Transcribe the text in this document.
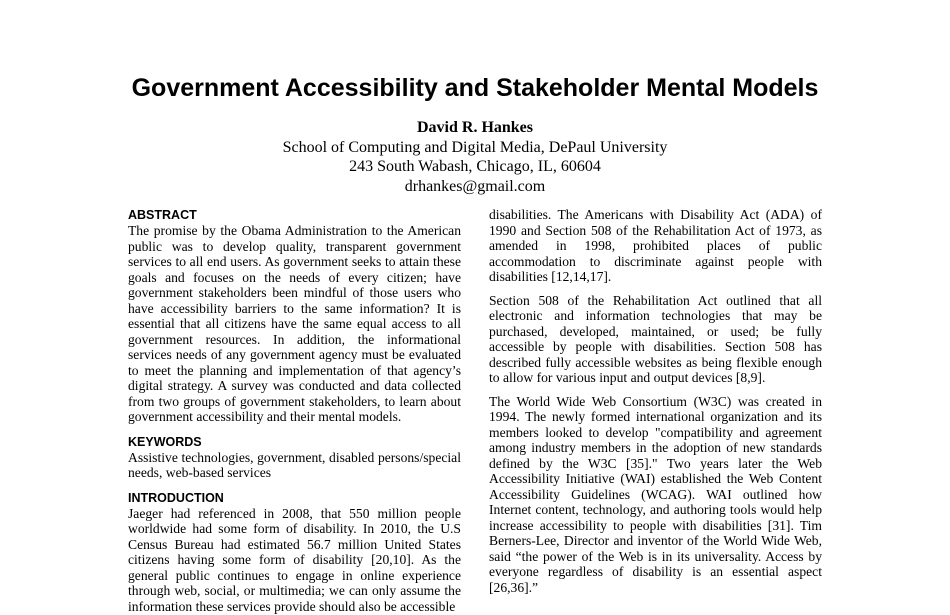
Government Accessibility and Stakeholder Mental Models
David R. Hankes
School of Computing and Digital Media, DePaul University
243 South Wabash, Chicago, IL, 60604
drhankes@gmail.com
ABSTRACT

The promise by the Obama Administration to the American public was to develop quality, transparent government services to all end users. As government seeks to attain these goals and focuses on the needs of every citizen; have government stakeholders been mindful of those users who have accessibility barriers to the same information? It is essential that all citizens have the same equal access to all government resources. In addition, the informational services needs of any government agency must be evaluated to meet the planning and implementation of that agency’s digital strategy. A survey was conducted and data collected from two groups of government stakeholders, to learn about government accessibility and their mental models.

KEYWORDS

Assistive technologies, government, disabled persons/special needs, web-based services

INTRODUCTION

Jaeger had referenced in 2008, that 550 million people worldwide had some form of disability. In 2010, the U.S Census Bureau had estimated 56.7 million United States citizens having some form of disability [20,10]. As the general public continues to engage in online experience through web, social, or multimedia; we can only assume the information these services provide should also be accessible

disabilities. The Americans with Disability Act (ADA) of 1990 and Section 508 of the Rehabilitation Act of 1973, as amended in 1998, prohibited places of public accommodation to discriminate against people with disabilities [12,14,17].

Section 508 of the Rehabilitation Act outlined that all electronic and information technologies that may be purchased, developed, maintained, or used; be fully accessible by people with disabilities. Section 508 has described fully accessible websites as being flexible enough to allow for various input and output devices [8,9].

The World Wide Web Consortium (W3C) was created in 1994. The newly formed international organization and its members looked to develop "compatibility and agreement among industry members in the adoption of new standards defined by the W3C [35]." Two years later the Web Accessibility Initiative (WAI) established the Web Content Accessibility Guidelines (WCAG). WAI outlined how Internet content, technology, and authoring tools would help increase accessibility to people with disabilities [31]. Tim Berners-Lee, Director and inventor of the World Wide Web, said “the power of the Web is in its universality. Access by everyone regardless of disability is an essential aspect [26,36].”
